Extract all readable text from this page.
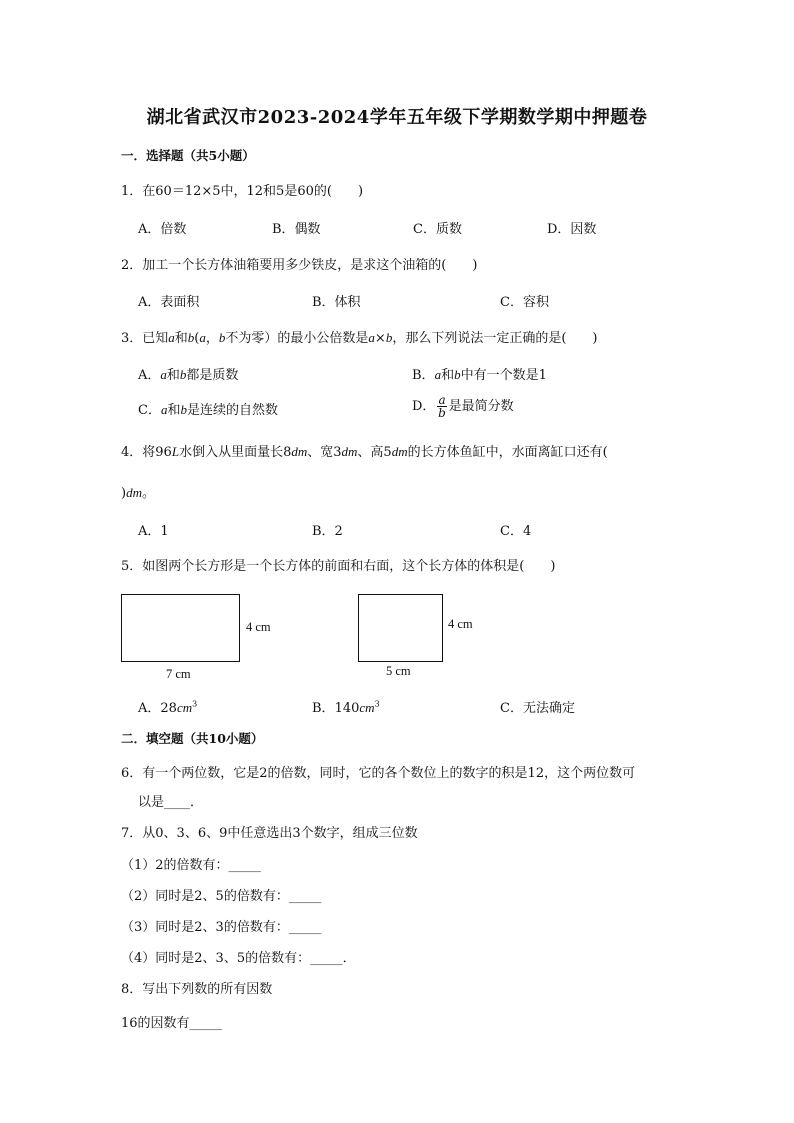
湖北省武汉市2023-2024学年五年级下学期数学期中押题卷
一．选择题（共5小题）
1．在60＝12×5中，12和5是60的(　　)
A．倍数	B．偶数	C．质数	D．因数
2．加工一个长方体油箱要用多少铁皮，是求这个油箱的(　　)
A．表面积	B．体积	C．容积
3．已知a和b(a，b不为零）的最小公倍数是a×b，那么下列说法一定正确的是(　　)
A．a和b都是质数	B．a和b中有一个数是1
C．a和b是连续的自然数	D． $\frac{a}{b}$ 是最简分数
4．将96L水倒入从里面量长8dm、宽3dm、高5dm的长方体鱼缸中，水面离缸口还有(
)dm。
A．1	B．2	C．4
5．如图两个长方形是一个长方体的前面和右面，这个长方体的体积是(　　)
4 cm
7 cm
4 cm
5 cm
A．$28cm^3$	B．$140cm^3$	C．无法确定
二．填空题（共10小题）
6．有一个两位数，它是2的倍数，同时，它的各个数位上的数字的积是12，这个两位数可
以是____．
7．从0、3、6、9中任意选出3个数字，组成三位数
（1）2的倍数有：_____
（2）同时是2、5的倍数有：_____
（3）同时是2、3的倍数有：_____
（4）同时是2、3、5的倍数有：_____．
8．写出下列数的所有因数
16的因数有_____
